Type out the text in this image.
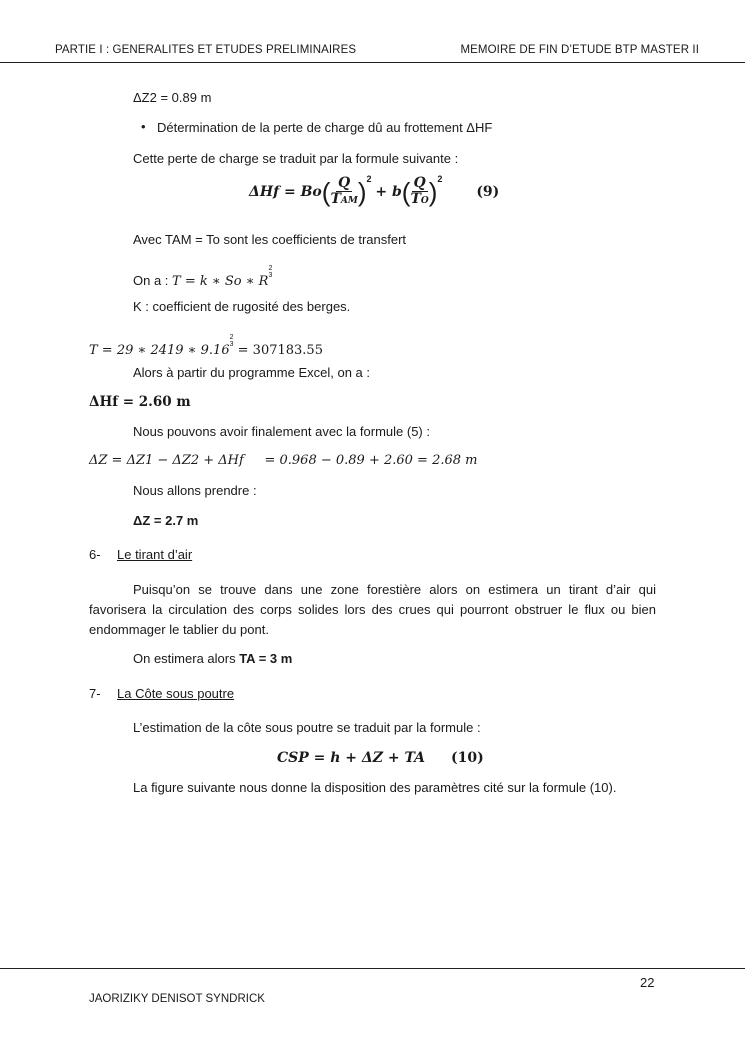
PARTIE I : GENERALITES ET ETUDES PRELIMINAIRES	MEMOIRE DE FIN D’ETUDE BTP MASTER II
ΔZ2 = 0.89 m
• Détermination de la perte de charge dû au frottement ΔHF
Cette perte de charge se traduit par la formule suivante :
ΔHf = Bo( Q
TAM )$^2 + b( \frac{Q}{TO} )^2$ (9)
Avec TAM = To sont les coefficients de transfert
On a : T = k ∗ So ∗ R
$^{2 3}$
K : coefficient de rugosité des berges.
T = 29 ∗ 2419 ∗ 9.16
$^{2 3}$ = 307183.55
Alors à partir du programme Excel, on a :
ΔHf = 2.60 m
Nous pouvons avoir finalement avec la formule (5) :
ΔZ = ΔZ1 − ΔZ2 + ΔHf     = 0.968 − 0.89 + 2.60 = 2.68 m
Nous allons prendre :
ΔZ = 2.7 m
6- Le tirant d’air
Puisqu’on se trouve dans une zone forestière alors on estimera un tirant d’air qui favorisera la circulation des corps solides lors des crues qui pourront obstruer le flux ou bien endommager le tablier du pont.
On estimera alors TA = 3 m
7- La Côte sous poutre
L’estimation de la côte sous poutre se traduit par la formule :
CSP = h + ΔZ + TA (10)
La figure suivante nous donne la disposition des paramètres cité sur la formule (10).
22
JAORIZIKY DENISOT SYNDRICK
